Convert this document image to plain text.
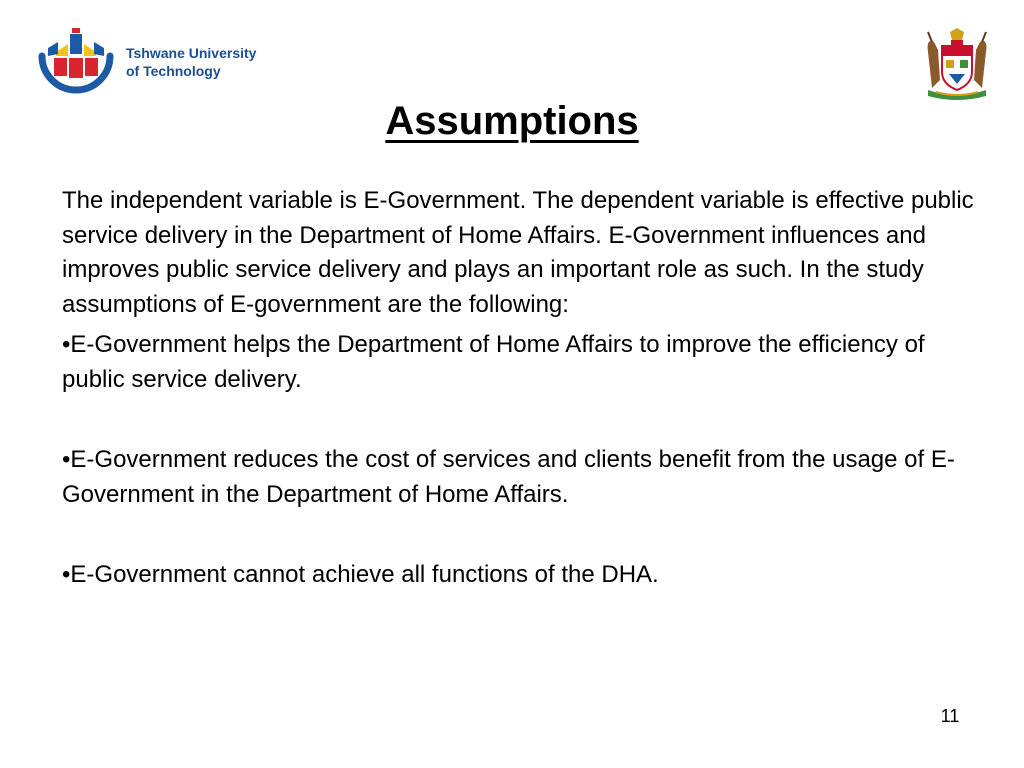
Tshwane University
of Technology
Assumptions

The independent variable is E-Government. The dependent variable is effective public service delivery in the Department of Home Affairs. E-Government influences and improves public service delivery and plays an important role as such. In the study assumptions of E-government are the following:

•E-Government helps the Department of Home Affairs to improve the efficiency of public service delivery.

•E-Government reduces the cost of services and clients benefit from the usage of E-Government in the Department of Home Affairs.

•E-Government cannot achieve all functions of the DHA.

11
